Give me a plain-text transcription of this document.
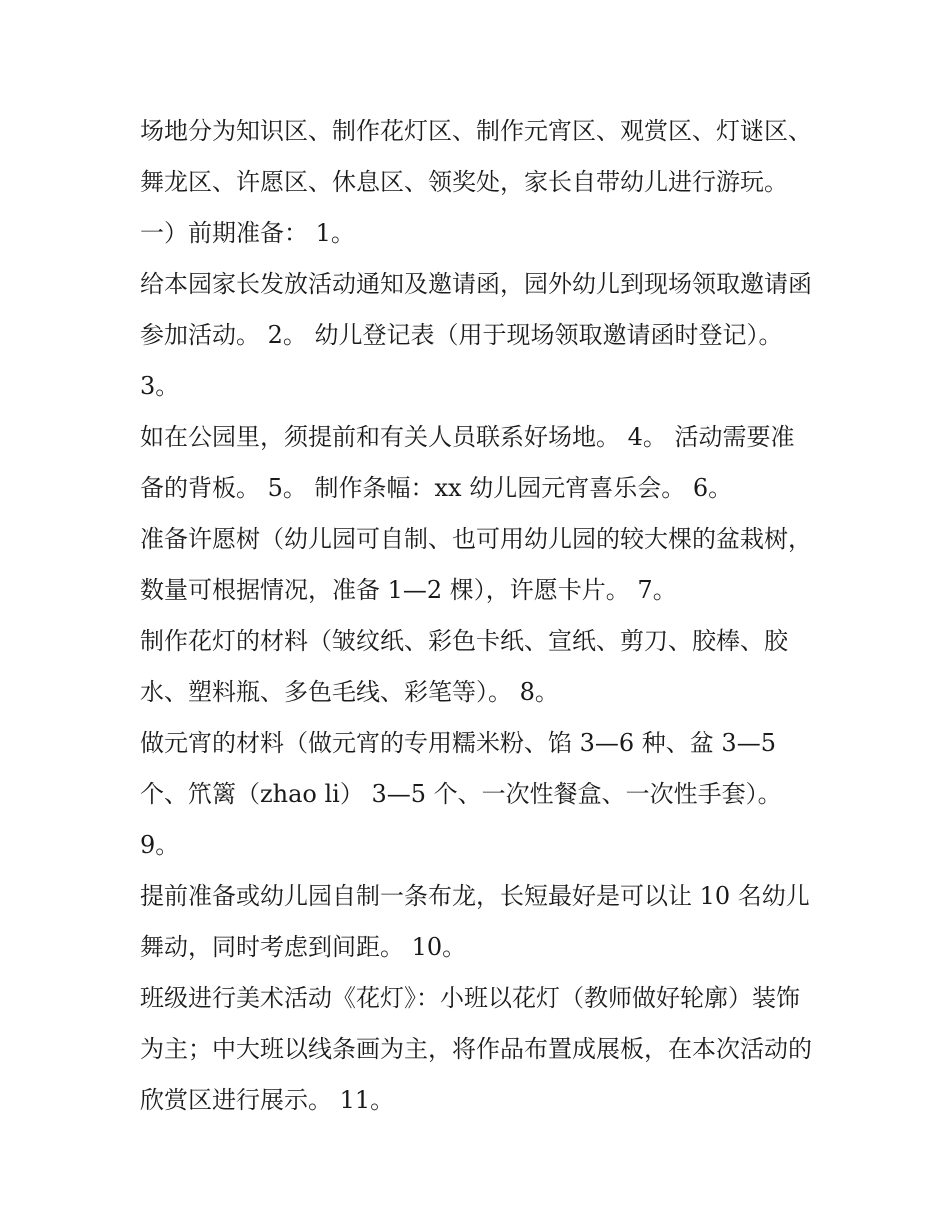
场地分为知识区、制作花灯区、制作元宵区、观赏区、灯谜区、舞龙区、许愿区、休息区、领奖处，家长自带幼儿进行游玩。 一）前期准备： 1。

给本园家长发放活动通知及邀请函，园外幼儿到现场领取邀请函参加活动。 2。 幼儿登记表（用于现场领取邀请函时登记）。 3。

如在公园里，须提前和有关人员联系好场地。 4。 活动需要准备的背板。 5。 制作条幅：xx 幼儿园元宵喜乐会。 6。

准备许愿树（幼儿园可自制、也可用幼儿园的较大棵的盆栽树，数量可根据情况，准备 1—2 棵），许愿卡片。 7。

制作花灯的材料（皱纹纸、彩色卡纸、宣纸、剪刀、胶棒、胶水、塑料瓶、多色毛线、彩笔等）。 8。

做元宵的材料（做元宵的专用糯米粉、馅 3—6 种、盆 3—5 个、笊篱（zhao li） 3—5 个、一次性餐盒、一次性手套）。 9。

提前准备或幼儿园自制一条布龙，长短最好是可以让 10 名幼儿舞动，同时考虑到间距。 10。

班级进行美术活动《花灯》：小班以花灯（教师做好轮廓）装饰为主；中大班以线条画为主，将作品布置成展板，在本次活动的欣赏区进行展示。 11。
